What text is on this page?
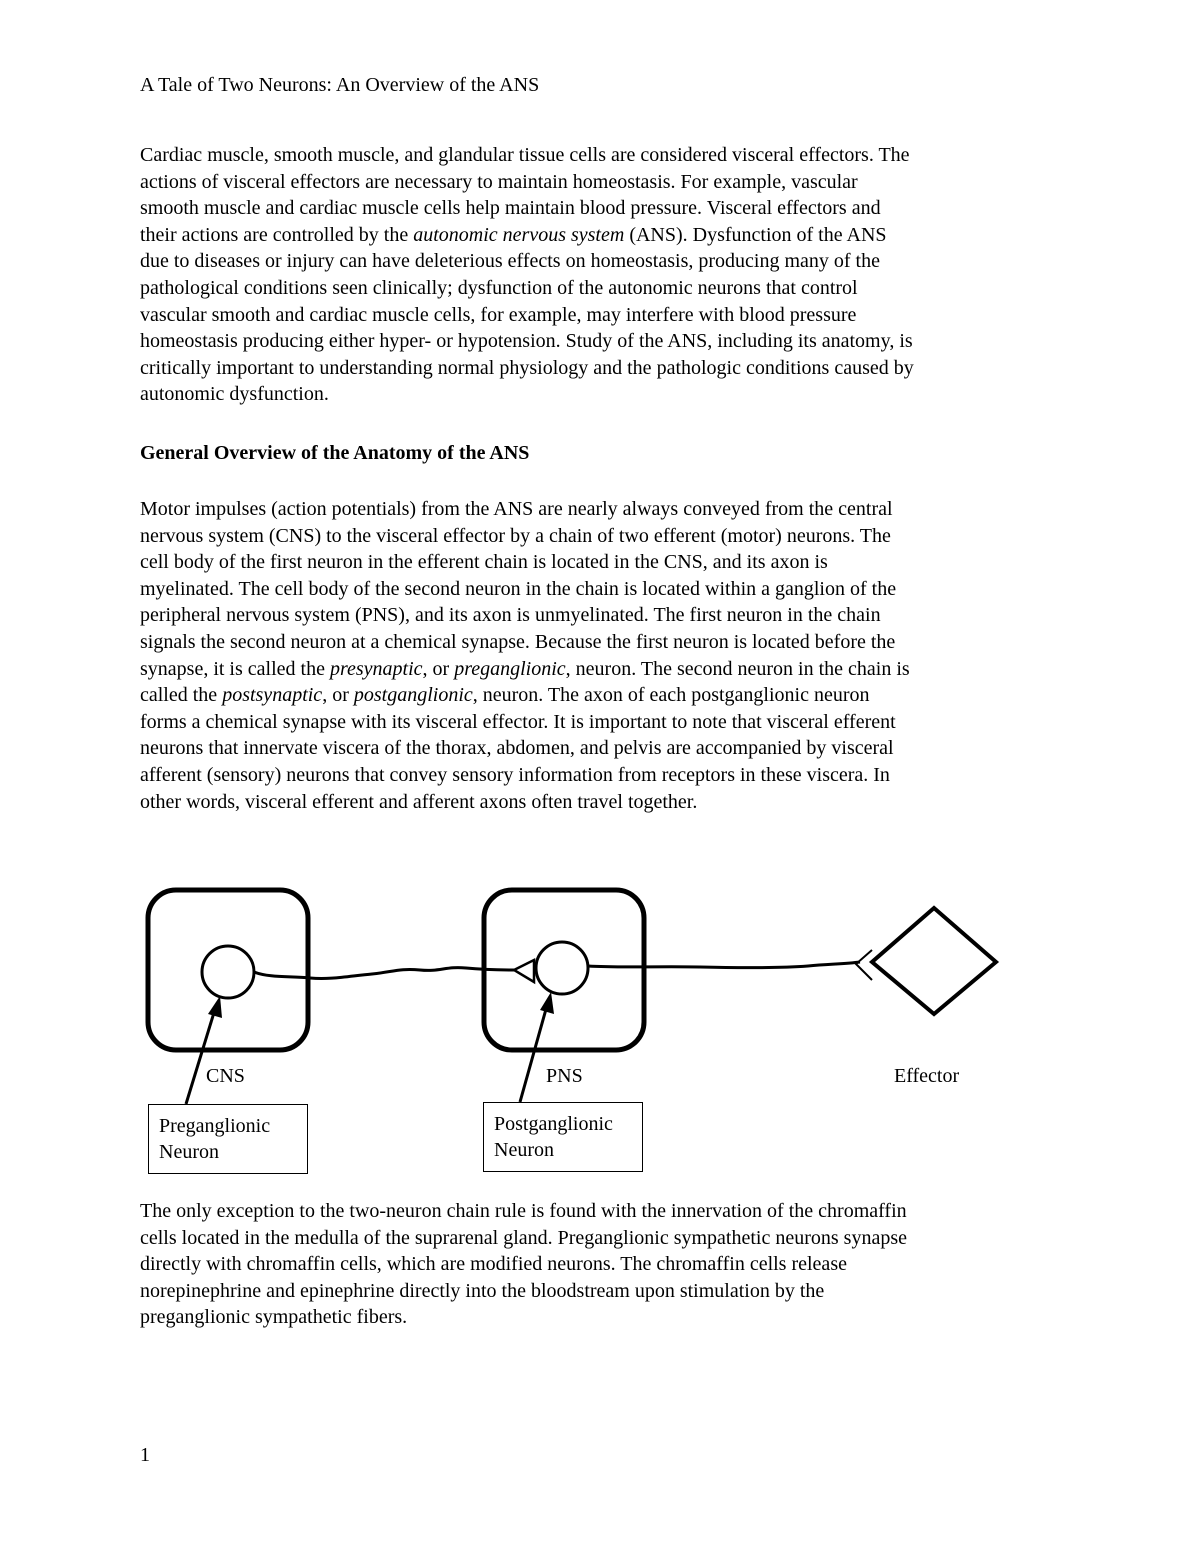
A Tale of Two Neurons: An Overview of the ANS
Cardiac muscle, smooth muscle, and glandular tissue cells are considered visceral effectors. The
actions of visceral effectors are necessary to maintain homeostasis. For example, vascular
smooth muscle and cardiac muscle cells help maintain blood pressure. Visceral effectors and
their actions are controlled by the autonomic nervous system (ANS). Dysfunction of the ANS
due to diseases or injury can have deleterious effects on homeostasis, producing many of the
pathological conditions seen clinically; dysfunction of the autonomic neurons that control
vascular smooth and cardiac muscle cells, for example, may interfere with blood pressure
homeostasis producing either hyper- or hypotension. Study of the ANS, including its anatomy, is
critically important to understanding normal physiology and the pathologic conditions caused by
autonomic dysfunction.
General Overview of the Anatomy of the ANS
Motor impulses (action potentials) from the ANS are nearly always conveyed from the central
nervous system (CNS) to the visceral effector by a chain of two efferent (motor) neurons. The
cell body of the first neuron in the efferent chain is located in the CNS, and its axon is
myelinated. The cell body of the second neuron in the chain is located within a ganglion of the
peripheral nervous system (PNS), and its axon is unmyelinated. The first neuron in the chain
signals the second neuron at a chemical synapse. Because the first neuron is located before the
synapse, it is called the presynaptic, or preganglionic, neuron. The second neuron in the chain is
called the postsynaptic, or postganglionic, neuron. The axon of each postganglionic neuron
forms a chemical synapse with its visceral effector. It is important to note that visceral efferent
neurons that innervate viscera of the thorax, abdomen, and pelvis are accompanied by visceral
afferent (sensory) neurons that convey sensory information from receptors in these viscera. In
other words, visceral efferent and afferent axons often travel together.
CNS	PNS	Effector
Preganglionic
Neuron
Postganglionic
Neuron
The only exception to the two-neuron chain rule is found with the innervation of the chromaffin
cells located in the medulla of the suprarenal gland. Preganglionic sympathetic neurons synapse
directly with chromaffin cells, which are modified neurons. The chromaffin cells release
norepinephrine and epinephrine directly into the bloodstream upon stimulation by the
preganglionic sympathetic fibers.
1
